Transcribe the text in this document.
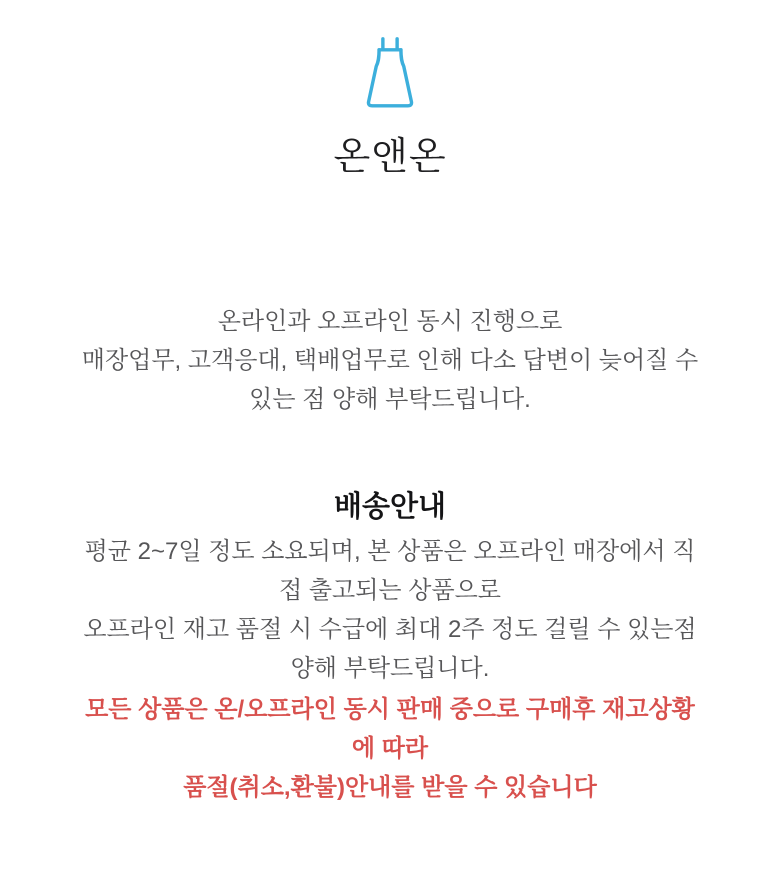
온앤온
온라인과 오프라인 동시 진행으로
매장업무, 고객응대, 택배업무로 인해 다소 답변이 늦어질 수
있는 점 양해 부탁드립니다.
배송안내
평균 2~7일 정도 소요되며, 본 상품은 오프라인 매장에서 직
접 출고되는 상품으로
오프라인 재고 품절 시 수급에 최대 2주 정도 걸릴 수 있는점
양해 부탁드립니다.
모든 상품은 온/오프라인 동시 판매 중으로 구매후 재고상황
에 따라
품절(취소,환불)안내를 받을 수 있습니다
